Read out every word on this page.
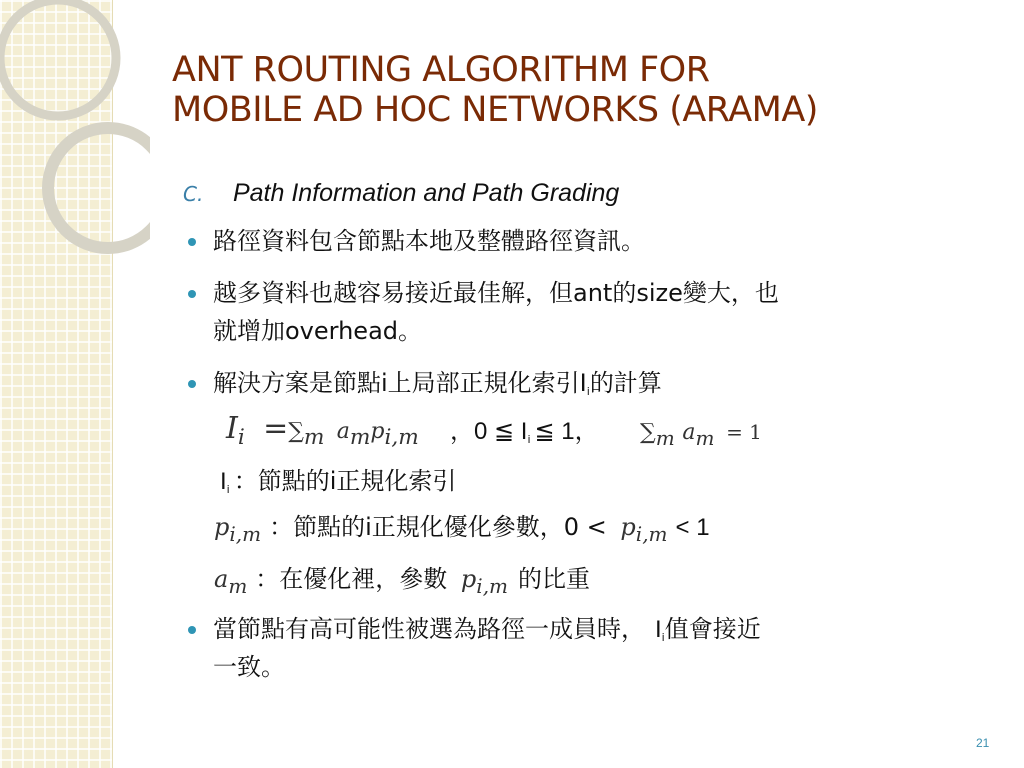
ANT ROUTING ALGORITHM FOR
MOBILE AD HOC NETWORKS (ARAMA)
C. Path Information and Path Grading
路徑資料包含節點本地及整體路徑資訊。
越多資料也越容易接近最佳解，但ant的size變大，也
就增加overhead。
解決方案是節點i上局部正規化索引$I_i$的計算
$I_i =\sum_m$ $a_mp_{i,m}$ ，0 ≦ $I_i$ ≦ 1， $\sum_m$ $a_m = 1$
$I_i$ ：節點的i正規化索引
$p_{i,m}$ ：節點的i正規化優化參數，$0 < p_{i,m} < 1$
$a_m$ ：在優化裡，參數 $p_{i,m}$ 的比重
當節點有高可能性被選為路徑一成員時， $I_i$值會接近
一致。
21
